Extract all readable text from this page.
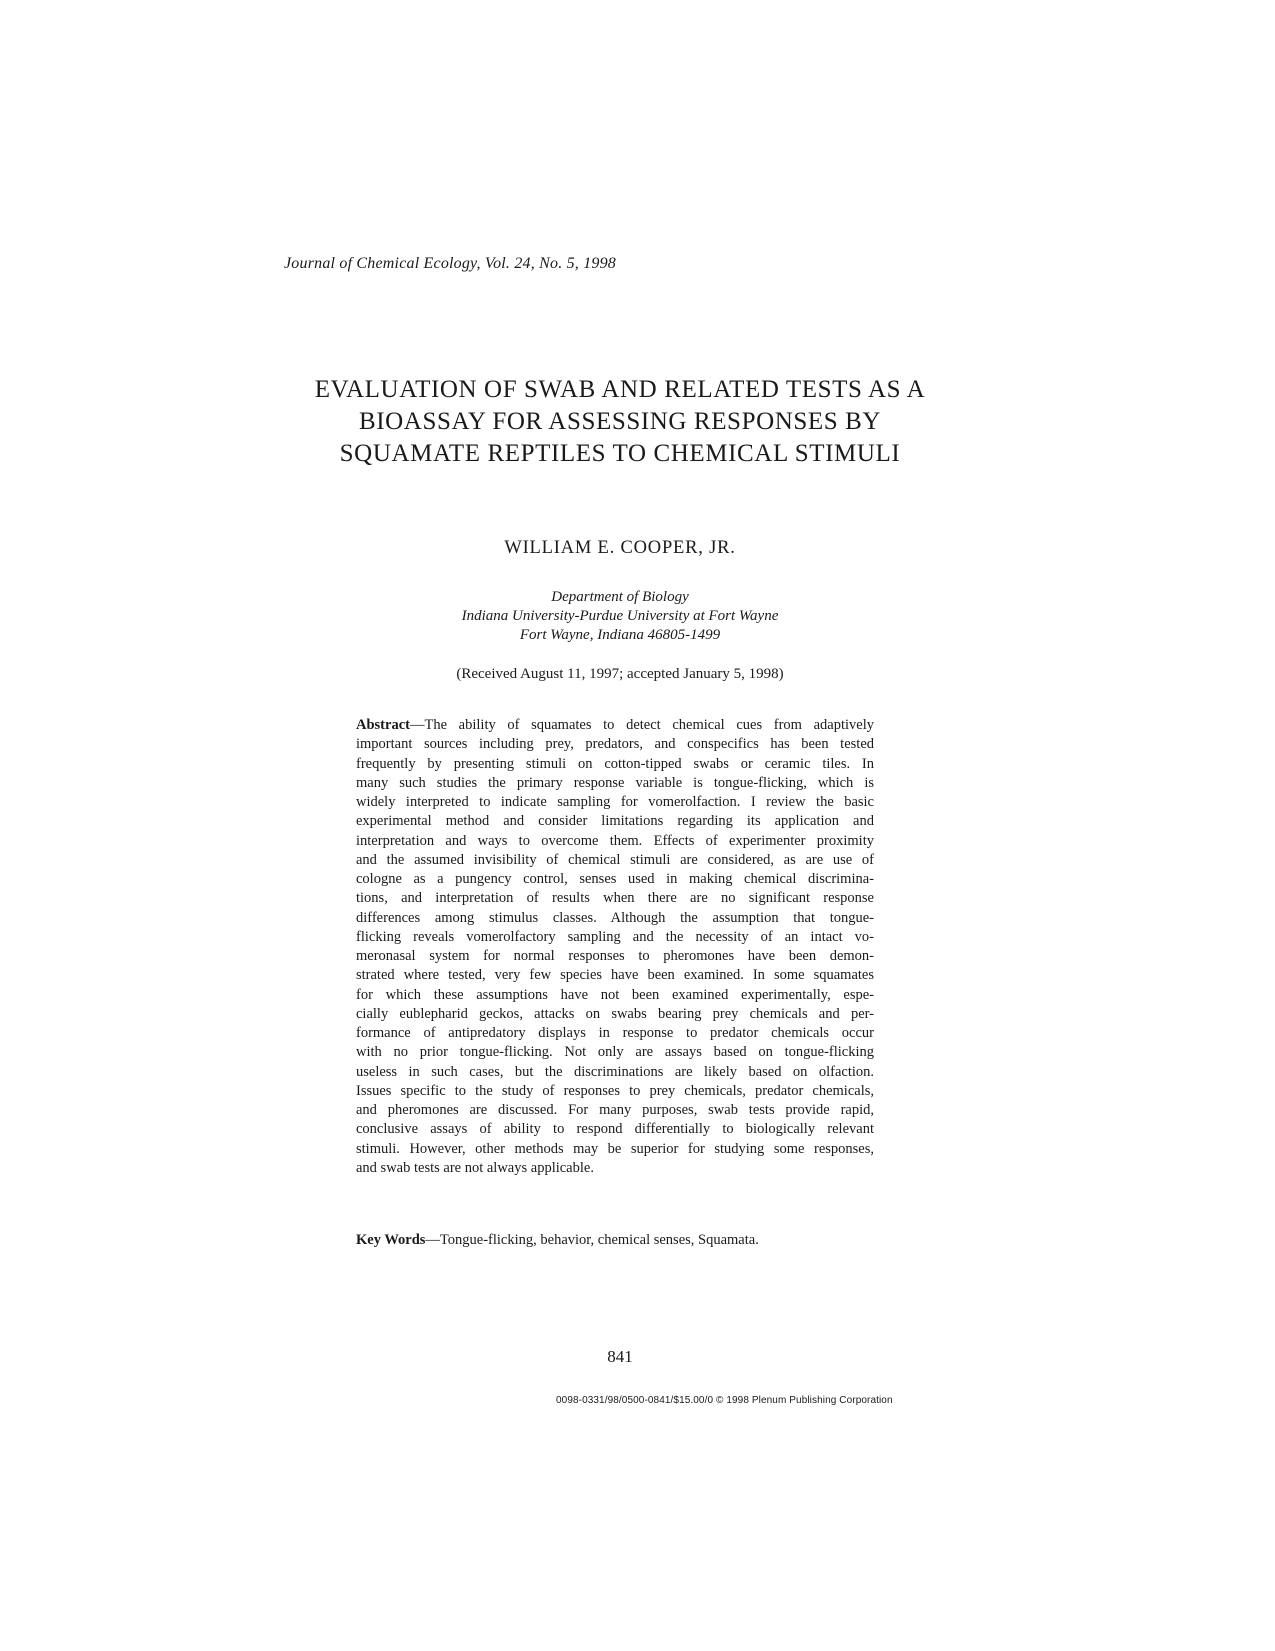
Journal of Chemical Ecology, Vol. 24, No. 5, 1998
EVALUATION OF SWAB AND RELATED TESTS AS A
BIOASSAY FOR ASSESSING RESPONSES BY
SQUAMATE REPTILES TO CHEMICAL STIMULI
WILLIAM E. COOPER, JR.
Department of Biology
Indiana University-Purdue University at Fort Wayne
Fort Wayne, Indiana 46805-1499
(Received August 11, 1997; accepted January 5, 1998)
Abstract—The ability of squamates to detect chemical cues from adaptively
important sources including prey, predators, and conspecifics has been tested
frequently by presenting stimuli on cotton-tipped swabs or ceramic tiles. In
many such studies the primary response variable is tongue-flicking, which is
widely interpreted to indicate sampling for vomerolfaction. I review the basic
experimental method and consider limitations regarding its application and
interpretation and ways to overcome them. Effects of experimenter proximity
and the assumed invisibility of chemical stimuli are considered, as are use of
cologne as a pungency control, senses used in making chemical discrimina-
tions, and interpretation of results when there are no significant response
differences among stimulus classes. Although the assumption that tongue-
flicking reveals vomerolfactory sampling and the necessity of an intact vo-
meronasal system for normal responses to pheromones have been demon-
strated where tested, very few species have been examined. In some squamates
for which these assumptions have not been examined experimentally, espe-
cially eublepharid geckos, attacks on swabs bearing prey chemicals and per-
formance of antipredatory displays in response to predator chemicals occur
with no prior tongue-flicking. Not only are assays based on tongue-flicking
useless in such cases, but the discriminations are likely based on olfaction.
Issues specific to the study of responses to prey chemicals, predator chemicals,
and pheromones are discussed. For many purposes, swab tests provide rapid,
conclusive assays of ability to respond differentially to biologically relevant
stimuli. However, other methods may be superior for studying some responses,
and swab tests are not always applicable.
Key Words—Tongue-flicking, behavior, chemical senses, Squamata.
841
0098-0331/98/0500-0841/$15.00/0 © 1998 Plenum Publishing Corporation
